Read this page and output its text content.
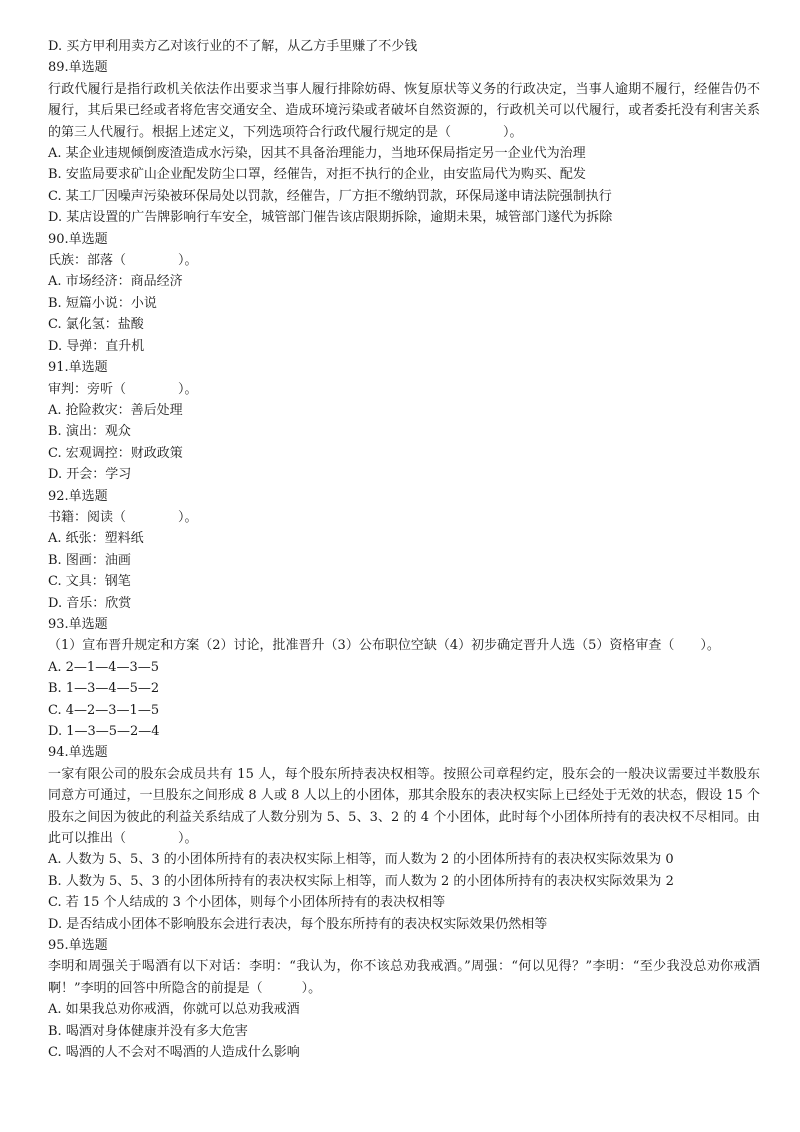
D. 买方甲利用卖方乙对该行业的不了解，从乙方手里赚了不少钱

89.单选题

行政代履行是指行政机关依法作出要求当事人履行排除妨碍、恢复原状等义务的行政决定，当事人逾期不履行，经催告仍不履行，其后果已经或者将危害交通安全、造成环境污染或者破坏自然资源的，行政机关可以代履行，或者委托没有利害关系的第三人代履行。根据上述定义，下列选项符合行政代履行规定的是（　　　　）。

A. 某企业违规倾倒废渣造成水污染，因其不具备治理能力，当地环保局指定另一企业代为治理

B. 安监局要求矿山企业配发防尘口罩，经催告，对拒不执行的企业，由安监局代为购买、配发

C. 某工厂因噪声污染被环保局处以罚款，经催告，厂方拒不缴纳罚款，环保局遂申请法院强制执行

D. 某店设置的广告牌影响行车安全，城管部门催告该店限期拆除，逾期未果，城管部门遂代为拆除

90.单选题

氏族：部落（　　　　）。

A. 市场经济：商品经济

B. 短篇小说：小说

C. 氯化氢：盐酸

D. 导弹：直升机

91.单选题

审判：旁听（　　　　）。

A. 抢险救灾：善后处理

B. 演出：观众

C. 宏观调控：财政政策

D. 开会：学习

92.单选题

书籍：阅读（　　　　）。

A. 纸张：塑料纸

B. 图画：油画

C. 文具：钢笔

D. 音乐：欣赏

93.单选题

（1）宣布晋升规定和方案（2）讨论，批准晋升（3）公布职位空缺（4）初步确定晋升人选（5）资格审查（　　）。

A. 2—1—4—3—5

B. 1—3—4—5—2

C. 4—2—3—1—5

D. 1—3—5—2—4

94.单选题

一家有限公司的股东会成员共有 15 人，每个股东所持表决权相等。按照公司章程约定，股东会的一般决议需要过半数股东同意方可通过，一旦股东之间形成 8 人或 8 人以上的小团体，那其余股东的表决权实际上已经处于无效的状态，假设 15 个股东之间因为彼此的利益关系结成了人数分别为 5、5、3、2 的 4 个小团体，此时每个小团体所持有的表决权不尽相同。由此可以推出（　　　　）。

A. 人数为 5、5、3 的小团体所持有的表决权实际上相等，而人数为 2 的小团体所持有的表决权实际效果为 0

B. 人数为 5、5、3 的小团体所持有的表决权实际上相等，而人数为 2 的小团体所持有的表决权实际效果为 2

C. 若 15 个人结成的 3 个小团体，则每个小团体所持有的表决权相等

D. 是否结成小团体不影响股东会进行表决，每个股东所持有的表决权实际效果仍然相等

95.单选题

李明和周强关于喝酒有以下对话：李明：“我认为，你不该总劝我戒酒。”周强：“何以见得？”李明：“至少我没总劝你戒酒啊！”李明的回答中所隐含的前提是（　　　）。

A. 如果我总劝你戒酒，你就可以总劝我戒酒

B. 喝酒对身体健康并没有多大危害

C. 喝酒的人不会对不喝酒的人造成什么影响
